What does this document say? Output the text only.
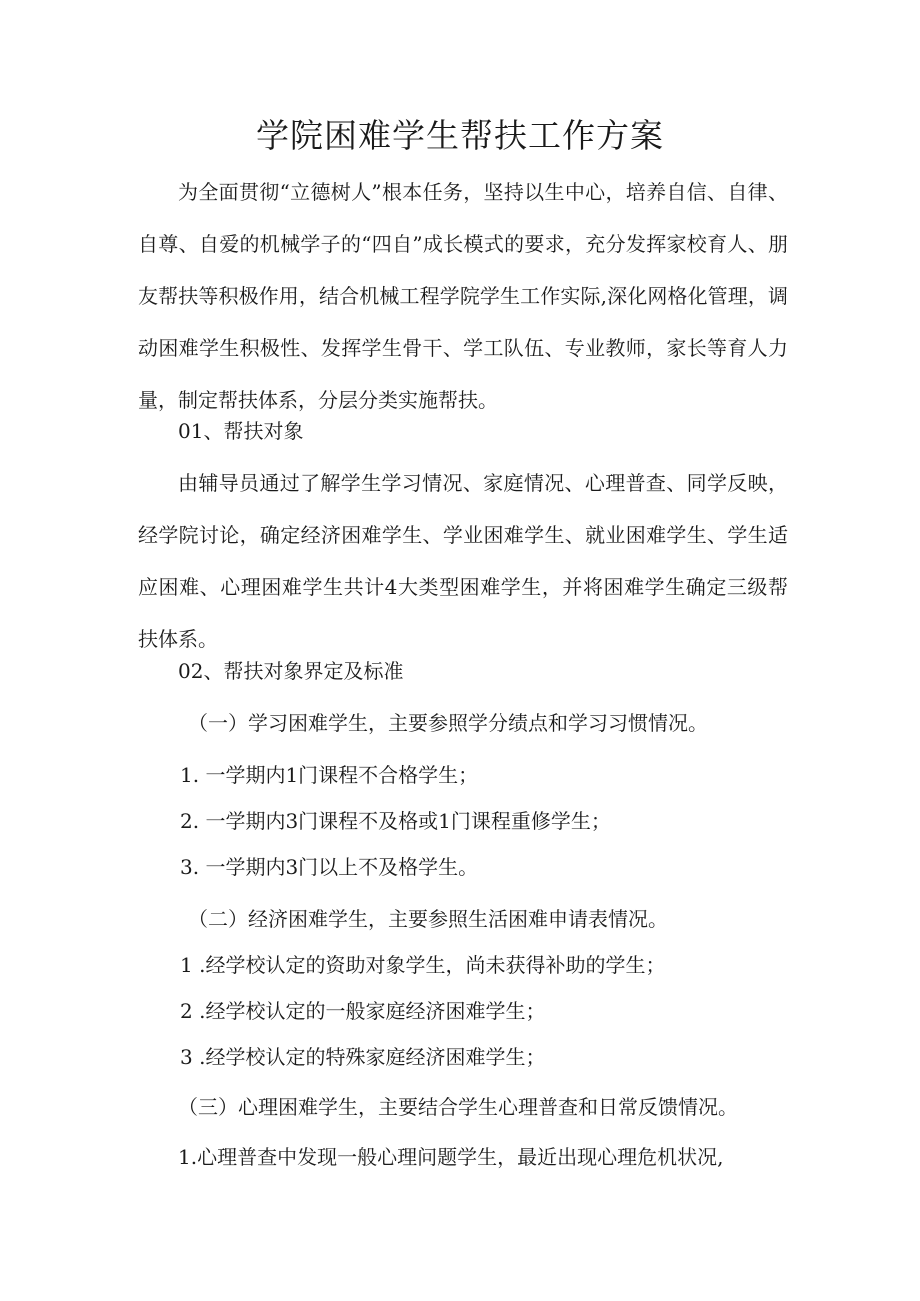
学院困难学生帮扶工作方案

为全面贯彻“立德树人”根本任务，坚持以生中心，培养自信、自律、自尊、自爱的机械学子的“四自”成长模式的要求，充分发挥家校育人、朋友帮扶等积极作用，结合机械工程学院学生工作实际,深化网格化管理，调动困难学生积极性、发挥学生骨干、学工队伍、专业教师，家长等育人力量，制定帮扶体系，分层分类实施帮扶。

01、帮扶对象

由辅导员通过了解学生学习情况、家庭情况、心理普查、同学反映，经学院讨论，确定经济困难学生、学业困难学生、就业困难学生、学生适应困难、心理困难学生共计4大类型困难学生，并将困难学生确定三级帮扶体系。

02、帮扶对象界定及标准

（一）学习困难学生，主要参照学分绩点和学习习惯情况。

1. 一学期内1门课程不合格学生；

2. 一学期内3门课程不及格或1门课程重修学生；

3. 一学期内3门以上不及格学生。

（二）经济困难学生，主要参照生活困难申请表情况。

1 .经学校认定的资助对象学生，尚未获得补助的学生；

2 .经学校认定的一般家庭经济困难学生；

3 .经学校认定的特殊家庭经济困难学生；

（三）心理困难学生，主要结合学生心理普查和日常反馈情况。

1.心理普查中发现一般心理问题学生，最近出现心理危机状况,
